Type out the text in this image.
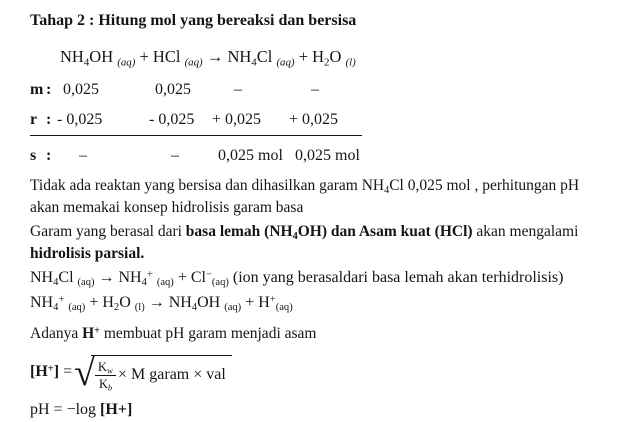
Tahap 2 : Hitung mol yang bereaksi dan bersisa
$NH_4OH$ $_{(aq)}$ + HCl $_{(aq)} \to NH_4Cl$ $_{(aq)} + H_2O$ $_{(l)}$
m : 0,025	0,025	–	–
r : - 0,025	- 0,025	+ 0,025	+ 0,025
s :	–	–	0,025 mol 0,025 mol
Tidak ada reaktan yang bersisa dan dihasilkan garam $NH_4Cl$ 0,025 mol , perhitungan pH akan memakai konsep hidrolisis garam basa
Garam yang berasal dari basa lemah $(NH_4OH)$ dan Asam kuat (HCl) akan mengalami hidrolisis parsial.
$NH_4Cl$ $_{(aq)} \to NH_4^+$ $_{(aq)} + Cl^-_{(aq)}$ (ion yang berasaldari basa lemah akan terhidrolisis)
$NH_4^+$ $_{(aq)} + H_2O$ $_{(l)} \to NH_4OH$ $_{(aq)} + H^+_{(aq)}$
Adanya H+ membuat pH garam menjadi asam
[H+] = √ $\frac{K_w}{K_b} \times M$ garam × val
pH = −log [H+]
